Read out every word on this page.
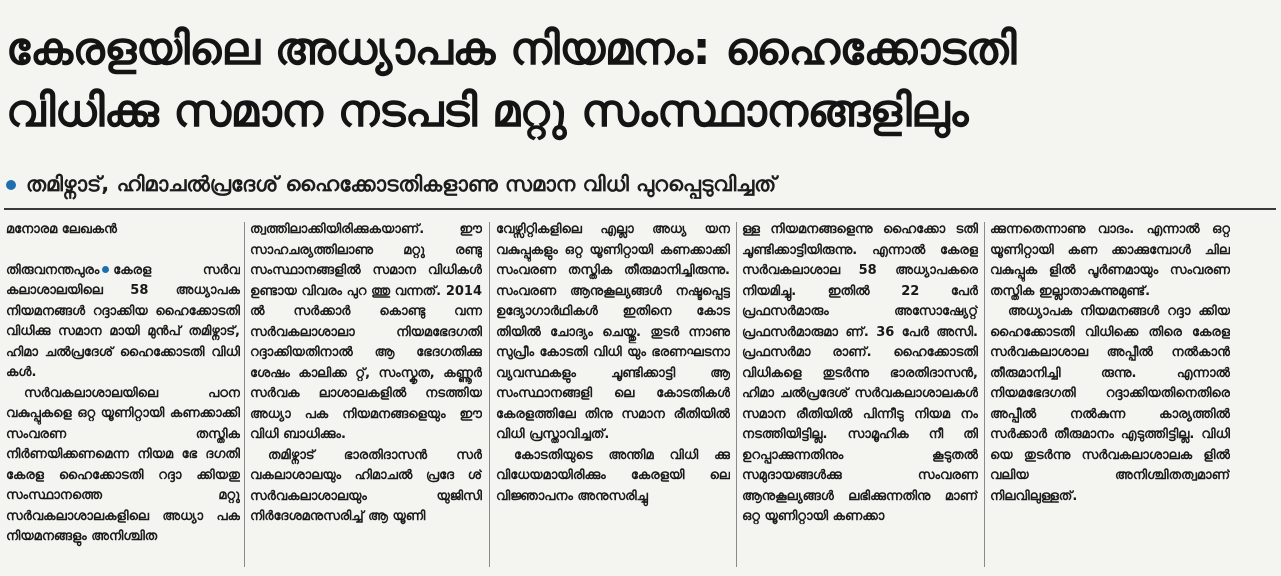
കേരളയിലെ അധ്യാപക നിയമനം: ഹൈക്കോടതി
വിധിക്കു സമാന നടപടി മറ്റു സംസ്ഥാനങ്ങളിലും
തമിഴ്നാട്, ഹിമാചൽപ്രദേശ് ഹൈക്കോടതികളാണു സമാന വിധി പുറപ്പെടുവിച്ചത്

മനോരമ ലേഖകൻ

തിരുവനന്തപുരം കേരള സർവ കലാശാലയിലെ 58 അധ്യാപക നിയമനങ്ങൾ റദ്ദാക്കിയ ഹൈക്കോടതി വിധിക്കു സമാന മായി മുൻപ് തമിഴ്നാട്, ഹിമാ ചൽപ്രദേശ് ഹൈക്കോടതി വിധി കൾ.

സർവകലാശാലയിലെ പഠന വകുപ്പുകളെ ഒറ്റ യൂണിറ്റായി കണക്കാക്കി സംവരണ തസ്തിക നിർണയിക്കണമെന്ന നിയമ ഭേ ദഗതി കേരള ഹൈക്കോടതി റദ്ദാ ക്കിയതു സംസ്ഥാനത്തെ മറ്റു സർവകലാശാലകളിലെ അധ്യാ പക നിയമനങ്ങളും അനിശ്ചിത

ത്വത്തിലാക്കിയിരിക്കുകയാണ്. ഈ സാഹചര്യത്തിലാണു മറ്റു രണ്ടു സംസ്ഥാനങ്ങളിൽ സമാന വിധികൾ ഉണ്ടായ വിവരം പുറ ത്തു വന്നത്. 2014 ൽ സർക്കാർ കൊണ്ടു വന്ന സർവകലാശാലാ നിയമഭേദഗതി റദ്ദാക്കിയതിനാൽ ആ ഭേദഗതിക്കു ശേഷം കാലിക്ക റ്റ്, സംസ്കൃത, കണ്ണൂർ സർവക ലാശാലകളിൽ നടത്തിയ അധ്യാ പക നിയമനങ്ങളെയും ഈ വിധി ബാധിക്കും.

തമിഴ്നാട് ഭാരതിദാസൻ സർ വകലാശാലയും ഹിമാചൽ പ്രദേ ശ് സർവകലാശാലയും യുജിസി നിർദേശമനുസരിച്ച് ആ യൂണി

വേഴ്സിറ്റികളിലെ എല്ലാ അധ്യ യന വകുപ്പുകളും ഒറ്റ യൂണിറ്റായി കണക്കാക്കി സംവരണ തസ്തിക തീരുമാനിച്ചിരുന്നു. സംവരണ ആനുകൂല്യങ്ങൾ നഷ്ടപ്പെട്ട ഉദ്യോഗാർഥികൾ ഇതിനെ കോട തിയിൽ ചോദ്യം ചെയ്തു. തുടർ ന്നാണു സുപ്രീം കോടതി വിധി യും ഭരണഘടനാ വ്യവസ്ഥകളും ചൂണ്ടിക്കാട്ടി ആ സംസ്ഥാനങ്ങളി ലെ കോടതികൾ കേരളത്തിലേ തിനു സമാന രീതിയിൽ വിധി പ്രസ്താവിച്ചത്.

കോടതിയുടെ അന്തിമ വിധി ക്കു വിധേയമായിരിക്കും കേരളയി ലെ വിജ്ഞാപനം അനുസരിച്ചു

ള്ള നിയമനങ്ങളെന്നു ഹൈക്കോ ടതി ചൂണ്ടിക്കാട്ടിയിരുന്നു. എന്നാൽ കേരള സർവകലാശാല 58 അധ്യാപകരെ നിയമിച്ചു. ഇതിൽ 22 പേർ പ്രഫസർമാരും അസോഷ്യേറ്റ് പ്രഫസർമാരുമാ ണ്. 36 പേർ അസി. പ്രഫസർമാ രാണ്. ഹൈക്കോടതി വിധികളെ തുടർന്നു ഭാരതിദാസൻ, ഹിമാ ചൽപ്രദേശ് സർവകലാശാലകൾ സമാന രീതിയിൽ പിന്നീടു നിയമ നം നടത്തിയിട്ടില്ല. സാമൂഹിക നീ തി ഉറപ്പാക്കുന്നതിനും കൂടുതൽ സമുദായങ്ങൾക്കു സംവരണ ആനുകൂല്യങ്ങൾ ലഭിക്കുന്നതിനു മാണ് ഒറ്റ യൂണിറ്റായി കണക്കാ

ക്കുന്നതെന്നാണു വാദം. എന്നാൽ ഒറ്റ യൂണിറ്റായി കണ ക്കാക്കുമ്പോൾ ചില വകുപ്പുക ളിൽ പൂർണമായും സംവരണ തസ്തിക ഇല്ലാതാകുന്നുമുണ്ട്.

അധ്യാപക നിയമനങ്ങൾ റദ്ദാ ക്കിയ ഹൈക്കോടതി വിധിക്കെ തിരെ കേരള സർവകലാശാല അപ്പീൽ നൽകാൻ തീരുമാനിച്ചി രുന്നു. എന്നാൽ നിയമഭേദഗതി റദ്ദാക്കിയതിനെതിരെ അപ്പീൽ നൽകുന്ന കാര്യത്തിൽ സർക്കാർ തീരുമാനം എടുത്തിട്ടില്ല. വിധി യെ തുടർന്നു സർവകലാശാലക ളിൽ വലിയ അനിശ്ചിതത്വമാണ് നിലവിലുള്ളത്.
